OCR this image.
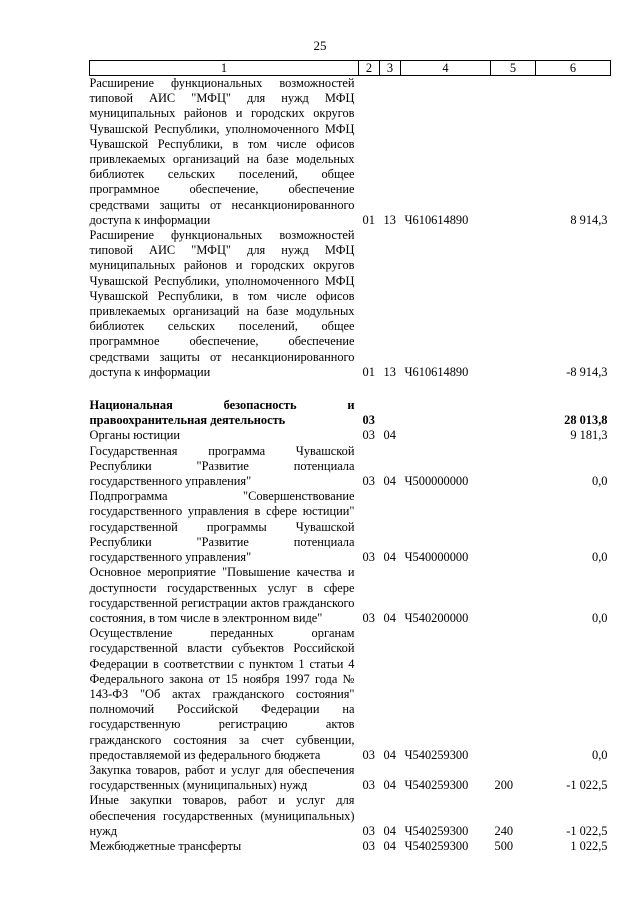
25
1	2	3	4	5	6
Расширение функциональных возможностей типовой АИС "МФЦ" для нужд МФЦ муниципальных районов и городских округов Чувашской Республики, уполномоченного МФЦ Чувашской Республики, в том числе офисов привлекаемых организаций на базе модельных библиотек сельских поселений, общее программное обеспечение, обеспечение средствами защиты от несанкционированного доступа к информации	01	13	Ч610614890		8 914,3
Расширение функциональных возможностей типовой АИС "МФЦ" для нужд МФЦ муниципальных районов и городских округов Чувашской Республики, уполномоченного МФЦ Чувашской Республики, в том числе офисов привлекаемых организаций на базе модульных библиотек сельских поселений, общее программное обеспечение, обеспечение средствами защиты от несанкционированного доступа к информации	01	13	Ч610614890		-8 914,3

Национальная безопасность и правоохранительная деятельность	03				28 013,8
Органы юстиции	03	04			9 181,3
Государственная программа Чувашской Республики "Развитие потенциала государственного управления"	03	04	Ч500000000		0,0
Подпрограмма "Совершенствование государственного управления в сфере юстиции" государственной программы Чувашской Республики "Развитие потенциала государственного управления"	03	04	Ч540000000		0,0
Основное мероприятие "Повышение качества и доступности государственных услуг в сфере государственной регистрации актов гражданского состояния, в том числе в электронном виде"	03	04	Ч540200000		0,0
Осуществление переданных органам государственной власти субъектов Российской Федерации в соответствии с пунктом 1 статьи 4 Федерального закона от 15 ноября 1997 года № 143-ФЗ "Об актах гражданского состояния" полномочий Российской Федерации на государственную регистрацию актов гражданского состояния за счет субвенции, предоставляемой из федерального бюджета	03	04	Ч540259300		0,0
Закупка товаров, работ и услуг для обеспечения государственных (муниципальных) нужд	03	04	Ч540259300	200	-1 022,5
Иные закупки товаров, работ и услуг для обеспечения государственных (муниципальных) нужд	03	04	Ч540259300	240	-1 022,5
Межбюджетные трансферты	03	04	Ч540259300	500	1 022,5
